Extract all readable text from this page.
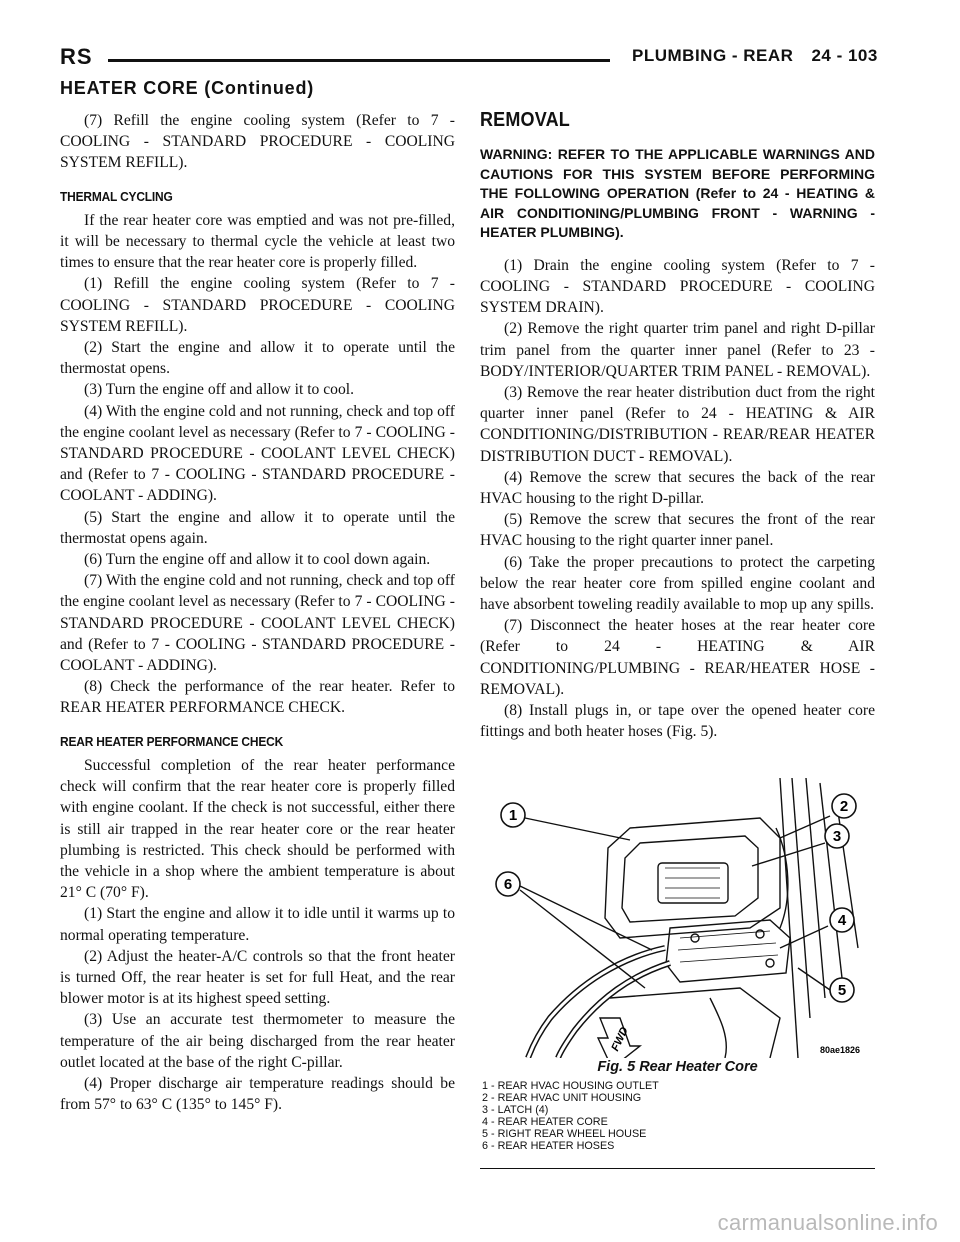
RS	PLUMBING - REAR 24 - 103
HEATER CORE (Continued)

(7) Refill the engine cooling system (Refer to 7 - COOLING - STANDARD PROCEDURE - COOLING SYSTEM REFILL).

THERMAL CYCLING

If the rear heater core was emptied and was not pre-filled, it will be necessary to thermal cycle the vehicle at least two times to ensure that the rear heater core is properly filled.

(1) Refill the engine cooling system (Refer to 7 - COOLING - STANDARD PROCEDURE - COOLING SYSTEM REFILL).

(2) Start the engine and allow it to operate until the thermostat opens.

(3) Turn the engine off and allow it to cool.

(4) With the engine cold and not running, check and top off the engine coolant level as necessary (Refer to 7 - COOLING - STANDARD PROCEDURE - COOLANT LEVEL CHECK) and (Refer to 7 - COOLING - STANDARD PROCEDURE - COOLANT - ADDING).

(5) Start the engine and allow it to operate until the thermostat opens again.

(6) Turn the engine off and allow it to cool down again.

(7) With the engine cold and not running, check and top off the engine coolant level as necessary (Refer to 7 - COOLING - STANDARD PROCEDURE - COOLANT LEVEL CHECK) and (Refer to 7 - COOLING - STANDARD PROCEDURE - COOLANT - ADDING).

(8) Check the performance of the rear heater. Refer to REAR HEATER PERFORMANCE CHECK.

REAR HEATER PERFORMANCE CHECK

Successful completion of the rear heater performance check will confirm that the rear heater core is properly filled with engine coolant. If the check is not successful, either there is still air trapped in the rear heater core or the rear heater plumbing is restricted. This check should be performed with the vehicle in a shop where the ambient temperature is about 21° C (70° F).

(1) Start the engine and allow it to idle until it warms up to normal operating temperature.

(2) Adjust the heater-A/C controls so that the front heater is turned Off, the rear heater is set for full Heat, and the rear blower motor is at its highest speed setting.

(3) Use an accurate test thermometer to measure the temperature of the air being discharged from the rear heater outlet located at the base of the right C-pillar.

(4) Proper discharge air temperature readings should be from 57° to 63° C (135° to 145° F).

REMOVAL

WARNING: REFER TO THE APPLICABLE WARNINGS AND CAUTIONS FOR THIS SYSTEM BEFORE PERFORMING THE FOLLOWING OPERATION (Refer to 24 - HEATING & AIR CONDITIONING/PLUMBING FRONT - WARNING - HEATER PLUMBING).

(1) Drain the engine cooling system (Refer to 7 - COOLING - STANDARD PROCEDURE - COOLING SYSTEM DRAIN).

(2) Remove the right quarter trim panel and right D-pillar trim panel from the quarter inner panel (Refer to 23 - BODY/INTERIOR/QUARTER TRIM PANEL - REMOVAL).

(3) Remove the rear heater distribution duct from the right quarter inner panel (Refer to 24 - HEATING & AIR CONDITIONING/DISTRIBUTION - REAR/REAR HEATER DISTRIBUTION DUCT - REMOVAL).

(4) Remove the screw that secures the back of the rear HVAC housing to the right D-pillar.

(5) Remove the screw that secures the front of the rear HVAC housing to the right quarter inner panel.

(6) Take the proper precautions to protect the carpeting below the rear heater core from spilled engine coolant and have absorbent toweling readily available to mop up any spills.

(7) Disconnect the heater hoses at the rear heater core (Refer to 24 - HEATING & AIR CONDITIONING/PLUMBING - REAR/HEATER HOSE - REMOVAL).

(8) Install plugs in, or tape over the opened heater core fittings and both heater hoses (Fig. 5).

FWD
1
2
3
4
5
6
80ae1826
Fig. 5 Rear Heater Core
1 - REAR HVAC HOUSING OUTLET
2 - REAR HVAC UNIT HOUSING
3 - LATCH (4)
4 - REAR HEATER CORE
5 - RIGHT REAR WHEEL HOUSE
6 - REAR HEATER HOSES
carmanualsonline.info
